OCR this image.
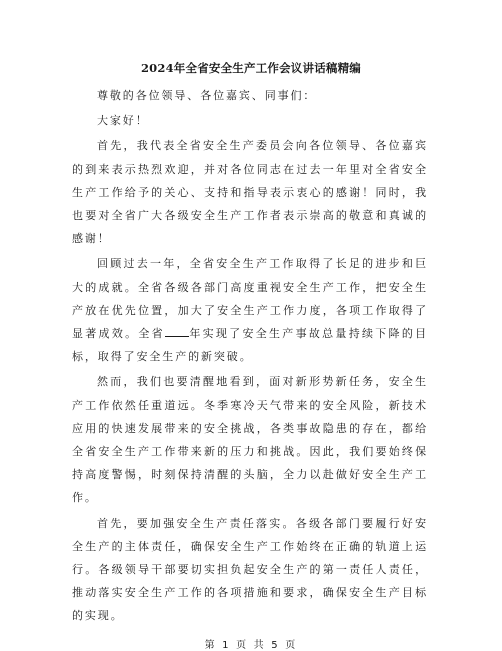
2024年全省安全生产工作会议讲话稿精编

尊敬的各位领导、各位嘉宾、同事们：

大家好！

首先，我代表全省安全生产委员会向各位领导、各位嘉宾的到来表示热烈欢迎，并对各位同志在过去一年里对全省安全生产工作给予的关心、支持和指导表示衷心的感谢！同时，我也要对全省广大各级安全生产工作者表示崇高的敬意和真诚的感谢！

回顾过去一年，全省安全生产工作取得了长足的进步和巨大的成就。全省各级各部门高度重视安全生产工作，把安全生产放在优先位置，加大了安全生产工作力度，各项工作取得了显著成效。全省 年实现了安全生产事故总量持续下降的目标，取得了安全生产的新突破。

然而，我们也要清醒地看到，面对新形势新任务，安全生产工作依然任重道远。冬季寒冷天气带来的安全风险，新技术应用的快速发展带来的安全挑战，各类事故隐患的存在，都给全省安全生产工作带来新的压力和挑战。因此，我们要始终保持高度警惕，时刻保持清醒的头脑，全力以赴做好安全生产工作。

首先，要加强安全生产责任落实。各级各部门要履行好安全生产的主体责任，确保安全生产工作始终在正确的轨道上运行。各级领导干部要切实担负起安全生产的第一责任人责任，推动落实安全生产工作的各项措施和要求，确保安全生产目标的实现。

第 1 页 共 5 页
